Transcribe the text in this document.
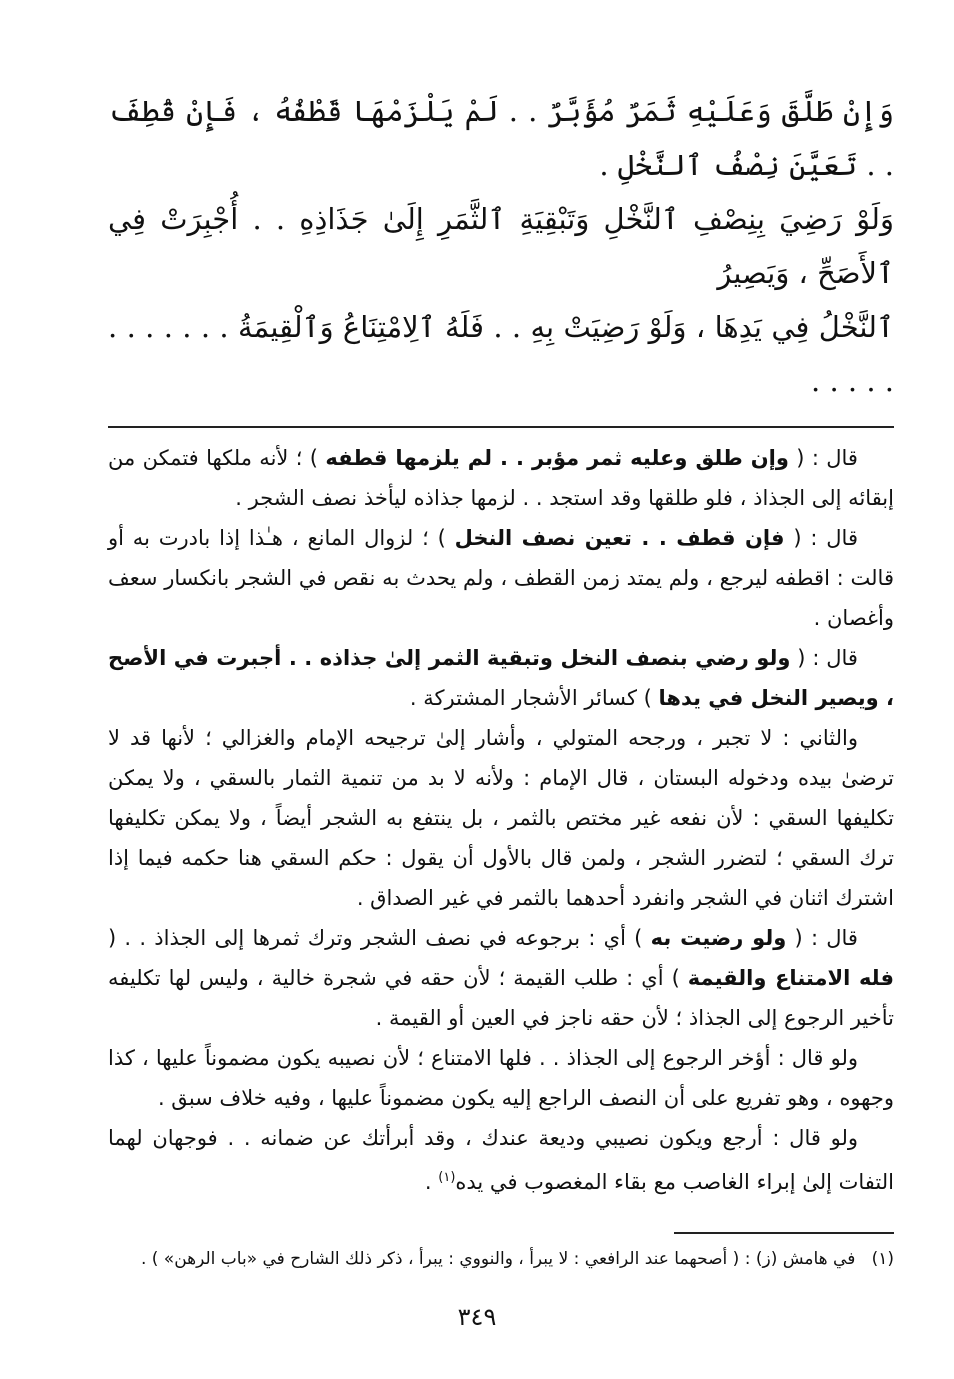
وَإِنْ طَلَّقَ وَعَلَيْهِ ثَمَرٌ مُؤَبَّرٌ . . لَمْ يَلْزَمْهَا قَطْفُهُ ، فَإِنْ قُطِفَ . . تَعَيَّنَ نِصْفُ ٱلنَّخْلِ .

وَلَوْ رَضِيَ بِنِصْفِ ٱلنَّخْلِ وَتَبْقِيَةِ ٱلثَّمَرِ إِلَىٰ جَذَاذِهِ . . أُجْبِرَتْ فِي ٱلأَصَحِّ ، وَيَصِيرُ

ٱلنَّخْلُ فِي يَدِهَا ، وَلَوْ رَضِيَتْ بِهِ . . فَلَهُ ٱلِامْتِنَاعُ وَٱلْقِيمَةُ . . . . . . . . . . . .

قال : ( وإن طلق وعليه ثمر مؤبر . . لم يلزمها قطفه ) ؛ لأنه ملكها فتمكن من إبقائه إلى الجذاذ ، فلو طلقها وقد استجد . . لزمها جذاذه ليأخذ نصف الشجر .

قال : ( فإن قطف . . تعين نصف النخل ) ؛ لزوال المانع ، هـٰذا إذا بادرت به أو قالت : اقطفه ليرجع ، ولم يمتد زمن القطف ، ولم يحدث به نقص في الشجر بانكسار سعف وأغصان .

قال : ( ولو رضي بنصف النخل وتبقية الثمر إلىٰ جذاذه . . أجبرت في الأصح ، ويصير النخل في يدها ) كسائر الأشجار المشتركة .

والثاني : لا تجبر ، ورجحه المتولي ، وأشار إلىٰ ترجيحه الإمام والغزالي ؛ لأنها قد لا ترضىٰ بيده ودخوله البستان ، قال الإمام : ولأنه لا بد من تنمية الثمار بالسقي ، ولا يمكن تكليفها السقي : لأن نفعه غير مختص بالثمر ، بل ينتفع به الشجر أيضاً ، ولا يمكن تكليفها ترك السقي ؛ لتضرر الشجر ، ولمن قال بالأول أن يقول : حكم السقي هنا حكمه فيما إذا اشترك اثنان في الشجر وانفرد أحدهما بالثمر في غير الصداق .

قال : ( ولو رضيت به ) أي : برجوعه في نصف الشجر وترك ثمرها إلى الجذاذ . . ( فله الامتناع والقيمة ) أي : طلب القيمة ؛ لأن حقه في شجرة خالية ، وليس لها تكليفه تأخير الرجوع إلى الجذاذ ؛ لأن حقه ناجز في العين أو القيمة .

ولو قال : أؤخر الرجوع إلى الجذاذ . . فلها الامتناع ؛ لأن نصيبه يكون مضموناً عليها ، كذا وجهوه ، وهو تفريع على أن النصف الراجع إليه يكون مضموناً عليها ، وفيه خلاف سبق .

ولو قال : أرجع ويكون نصيبي وديعة عندك ، وقد أبرأتك عن ضمانه . . فوجهان لهما التفات إلىٰ إبراء الغاصب مع بقاء المغصوب في يده$^{(١)}$ .

(١)   في هامش (ز) : ( أصحهما عند الرافعي : لا يبرأ ، والنووي : يبرأ ، ذكر ذلك الشارح في «باب الرهن» ) .

٣٤٩
